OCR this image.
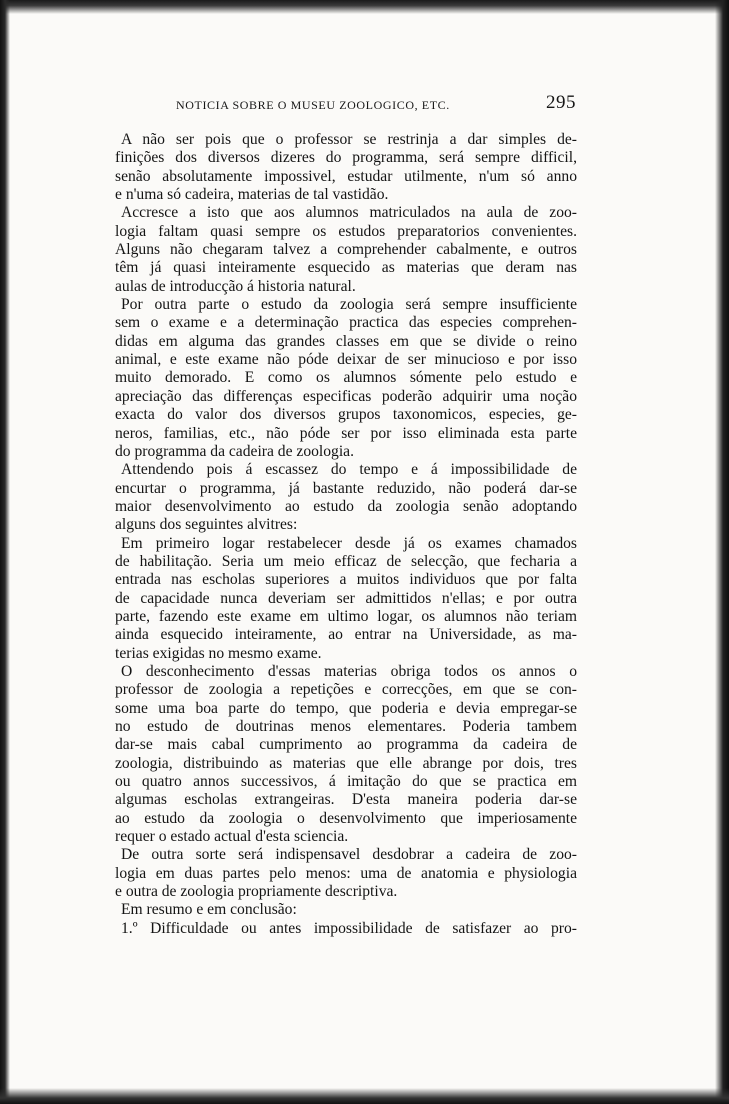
NOTICIA SOBRE O MUSEU ZOOLOGICO, ETC.	295
A não ser pois que o professor se restrinja a dar simples de-
finições dos diversos dizeres do programma, será sempre difficil,
senão absolutamente impossivel, estudar utilmente, n'um só anno
e n'uma só cadeira, materias de tal vastidão.
Accresce a isto que aos alumnos matriculados na aula de zoo-
logia faltam quasi sempre os estudos preparatorios convenientes.
Alguns não chegaram talvez a comprehender cabalmente, e outros
têm já quasi inteiramente esquecido as materias que deram nas
aulas de introducção á historia natural.
Por outra parte o estudo da zoologia será sempre insufficiente
sem o exame e a determinação practica das especies comprehen-
didas em alguma das grandes classes em que se divide o reino
animal, e este exame não póde deixar de ser minucioso e por isso
muito demorado. E como os alumnos sómente pelo estudo e
apreciação das differenças especificas poderão adquirir uma noção
exacta do valor dos diversos grupos taxonomicos, especies, ge-
neros, familias, etc., não póde ser por isso eliminada esta parte
do programma da cadeira de zoologia.
Attendendo pois á escassez do tempo e á impossibilidade de
encurtar o programma, já bastante reduzido, não poderá dar-se
maior desenvolvimento ao estudo da zoologia senão adoptando
alguns dos seguintes alvitres:
Em primeiro logar restabelecer desde já os exames chamados
de habilitação. Seria um meio efficaz de selecção, que fecharia a
entrada nas escholas superiores a muitos individuos que por falta
de capacidade nunca deveriam ser admittidos n'ellas; e por outra
parte, fazendo este exame em ultimo logar, os alumnos não teriam
ainda esquecido inteiramente, ao entrar na Universidade, as ma-
terias exigidas no mesmo exame.
O desconhecimento d'essas materias obriga todos os annos o
professor de zoologia a repetições e correcções, em que se con-
some uma boa parte do tempo, que poderia e devia empregar-se
no estudo de doutrinas menos elementares. Poderia tambem
dar-se mais cabal cumprimento ao programma da cadeira de
zoologia, distribuindo as materias que elle abrange por dois, tres
ou quatro annos successivos, á imitação do que se practica em
algumas escholas extrangeiras. D'esta maneira poderia dar-se
ao estudo da zoologia o desenvolvimento que imperiosamente
requer o estado actual d'esta sciencia.
De outra sorte será indispensavel desdobrar a cadeira de zoo-
logia em duas partes pelo menos: uma de anatomia e physiologia
e outra de zoologia propriamente descriptiva.
Em resumo e em conclusão:
1.º Difficuldade ou antes impossibilidade de satisfazer ao pro-
